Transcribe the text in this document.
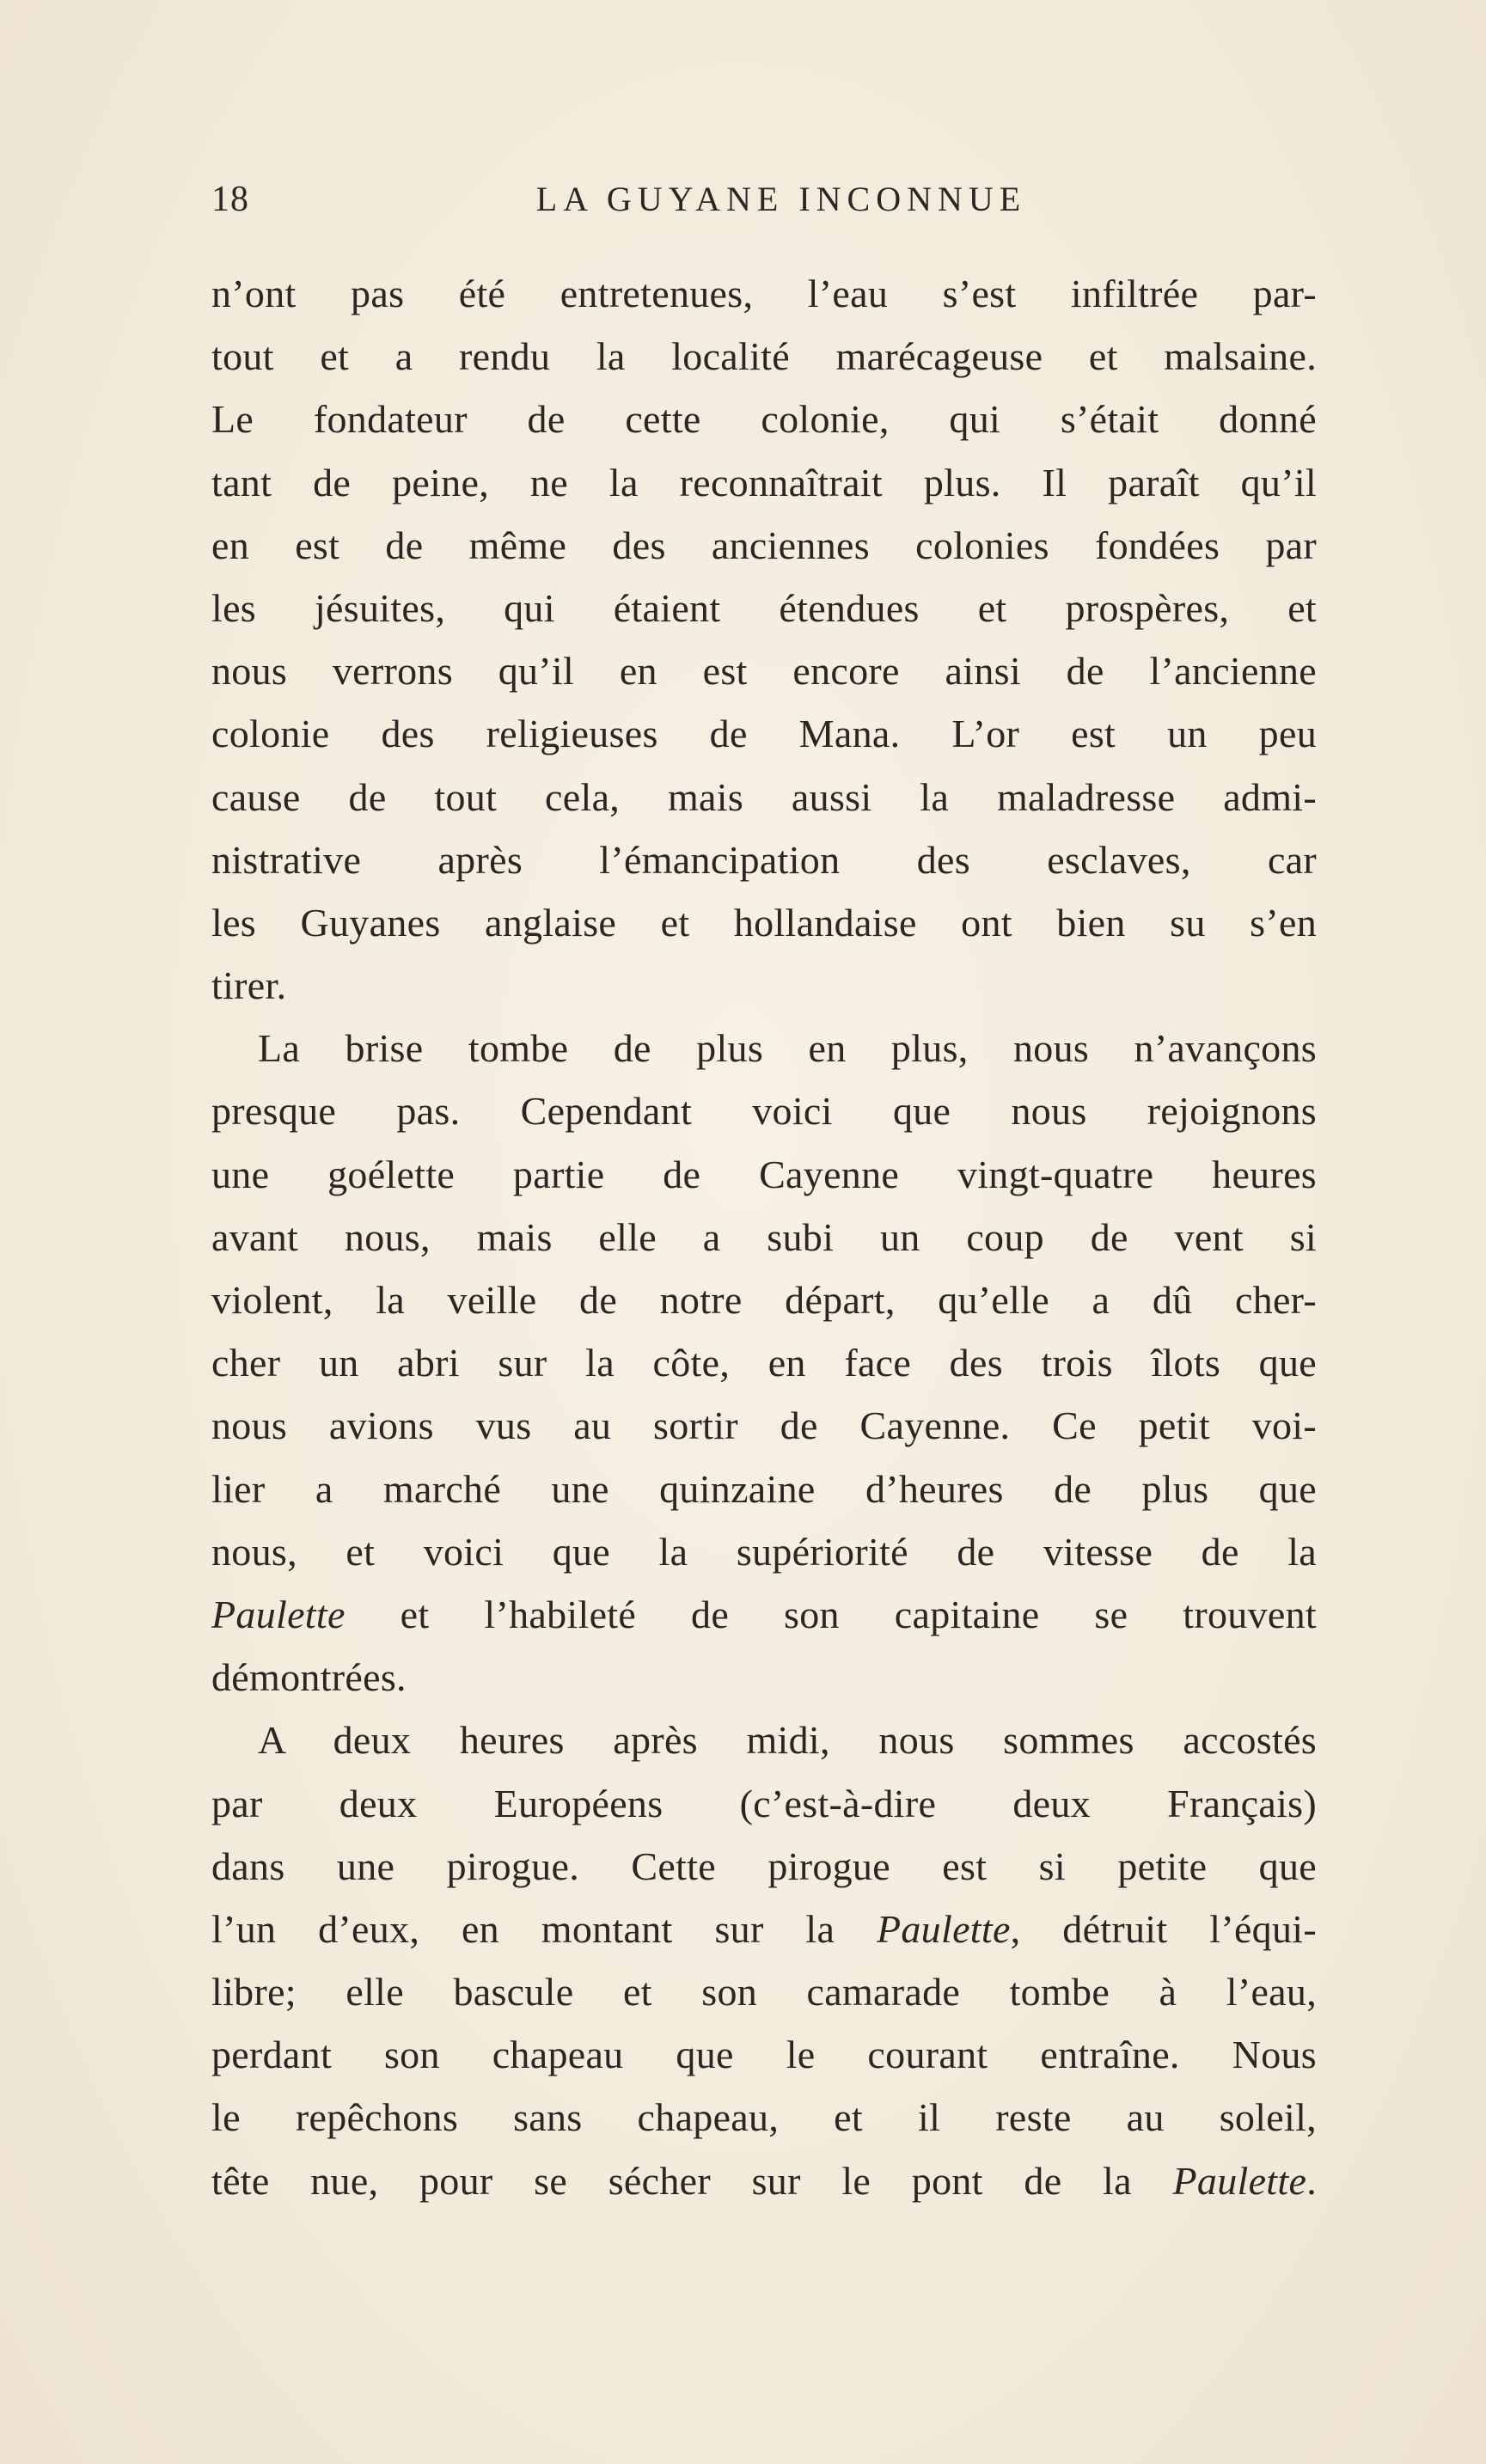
18	LA GUYANE INCONNUE
n’ont pas été entretenues, l’eau s’est infiltrée par-
tout et a rendu la localité marécageuse et malsaine.
Le fondateur de cette colonie, qui s’était donné
tant de peine, ne la reconnaîtrait plus. Il paraît qu’il
en est de même des anciennes colonies fondées par
les jésuites, qui étaient étendues et prospères, et
nous verrons qu’il en est encore ainsi de l’ancienne
colonie des religieuses de Mana. L’or est un peu
cause de tout cela, mais aussi la maladresse admi-
nistrative après l’émancipation des esclaves, car
les Guyanes anglaise et hollandaise ont bien su s’en
tirer.
La brise tombe de plus en plus, nous n’avançons
presque pas. Cependant voici que nous rejoignons
une goélette partie de Cayenne vingt-quatre heures
avant nous, mais elle a subi un coup de vent si
violent, la veille de notre départ, qu’elle a dû cher-
cher un abri sur la côte, en face des trois îlots que
nous avions vus au sortir de Cayenne. Ce petit voi-
lier a marché une quinzaine d’heures de plus que
nous, et voici que la supériorité de vitesse de la
Paulette et l’habileté de son capitaine se trouvent
démontrées.
A deux heures après midi, nous sommes accostés
par deux Européens (c’est-à-dire deux Français)
dans une pirogue. Cette pirogue est si petite que
l’un d’eux, en montant sur la Paulette, détruit l’équi-
libre; elle bascule et son camarade tombe à l’eau,
perdant son chapeau que le courant entraîne. Nous
le repêchons sans chapeau, et il reste au soleil,
tête nue, pour se sécher sur le pont de la Paulette.
